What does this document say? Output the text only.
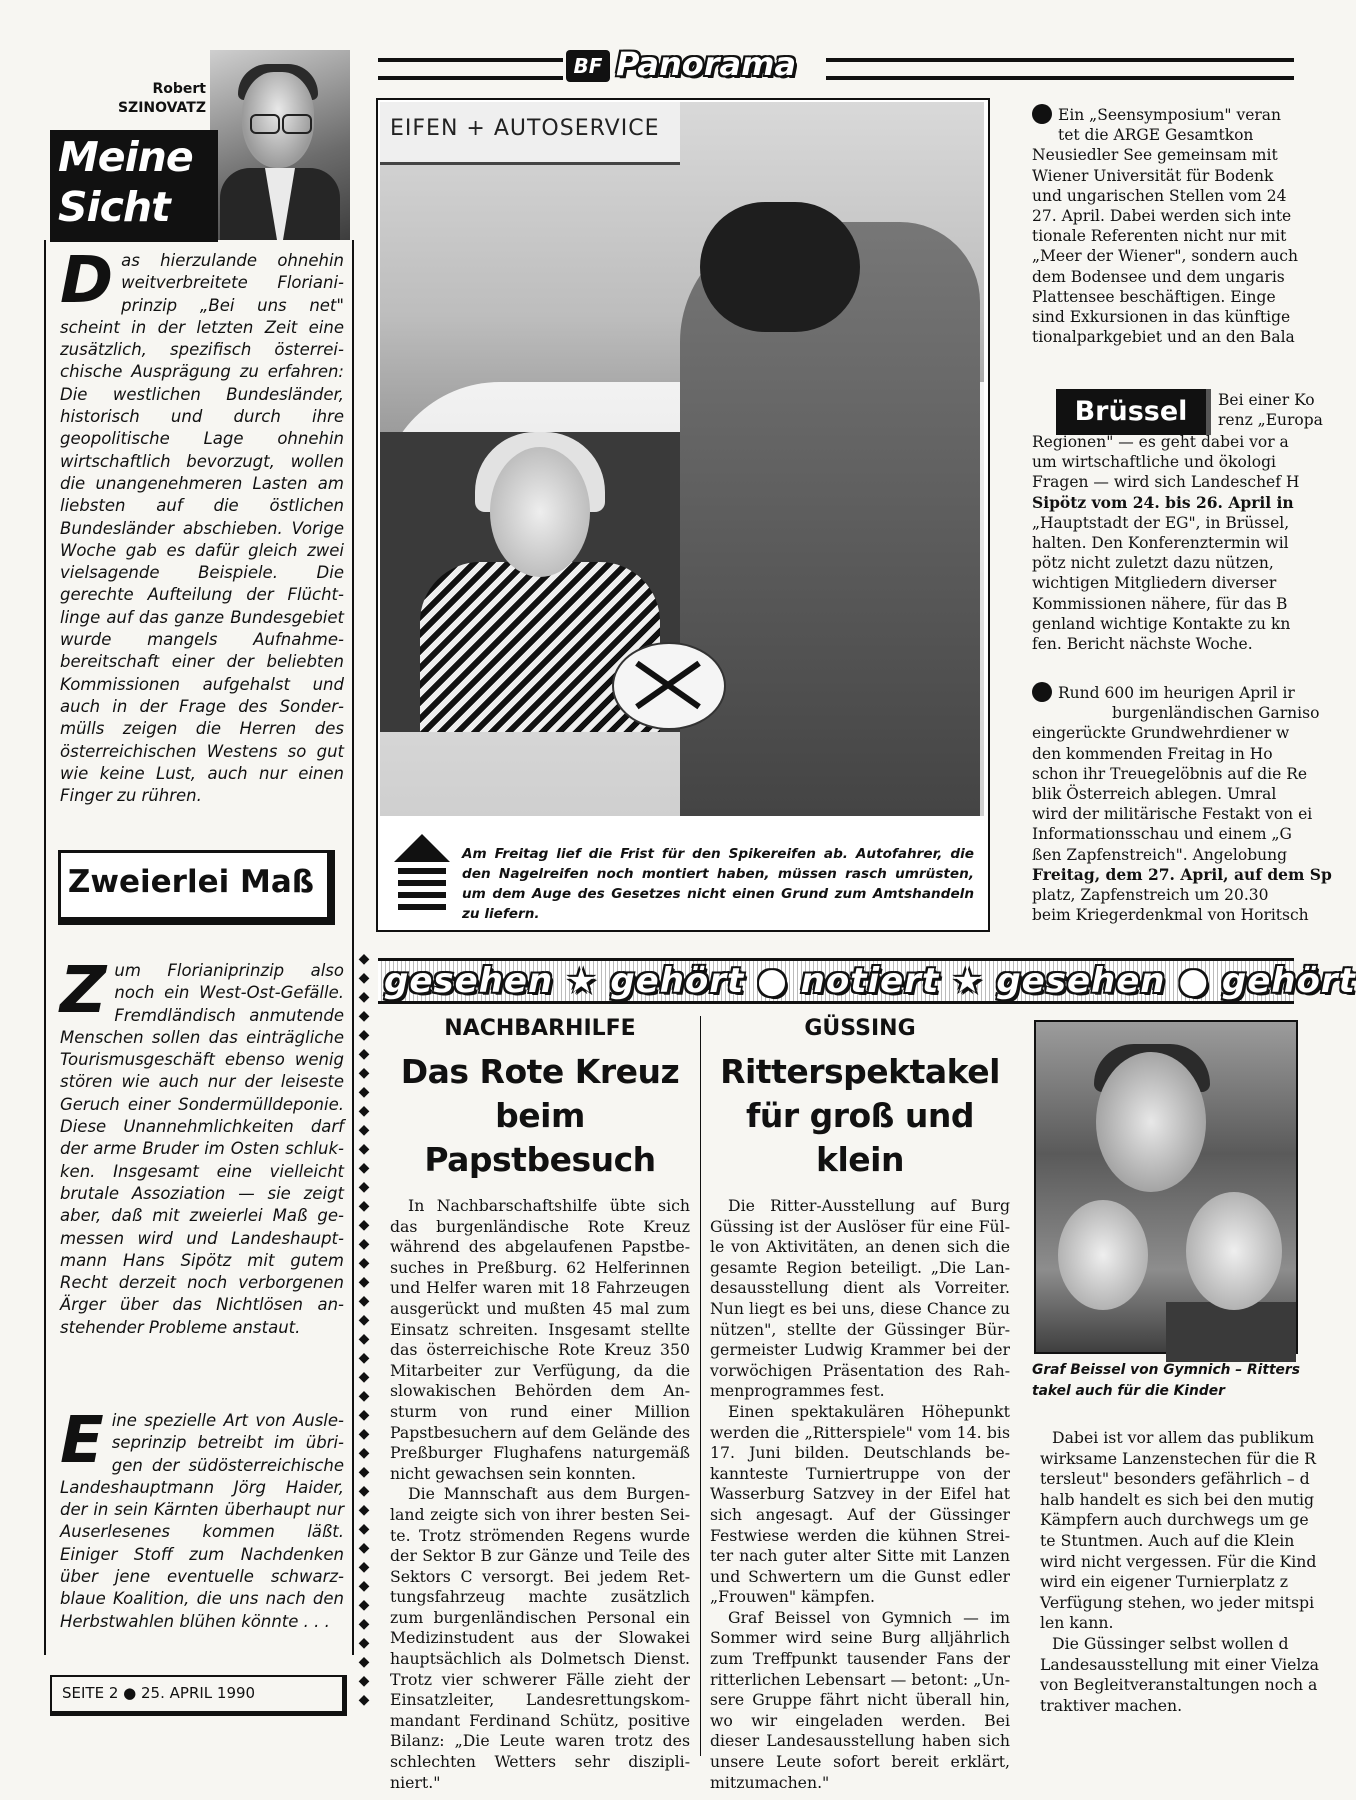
Robert
SZINOVATZ
Meine
Sicht
Das hierzulande ohnehin weitverbreitete Florianiprinzip „Bei uns net" scheint in der letzten Zeit eine zusätzlich, spezifisch österreichische Ausprägung zu erfahren: Die westlichen Bundesländer, historisch und durch ihre geopolitische Lage ohnehin wirtschaftlich bevorzugt, wollen die unangenehmeren Lasten am liebsten auf die östlichen Bundesländer abschieben. Vorige Woche gab es dafür gleich zwei vielsagende Beispiele. Die gerechte Aufteilung der Flüchtlinge auf das ganze Bundesgebiet wurde mangels Aufnahmebereitschaft einer der beliebten Kommissionen aufgehalst und auch in der Frage des Sondermülls zeigen die Herren des österreichischen Westens so gut wie keine Lust, auch nur einen Finger zu rühren.
Zweierlei Maß
Zum Florianiprinzip also noch ein West-Ost-Gefälle. Fremdländisch anmutende Menschen sollen das einträgliche Tourismusgeschäft ebenso wenig stören wie auch nur der leiseste Geruch einer Sondermülldeponie. Diese Unannehmlichkeiten darf der arme Bruder im Osten schlukken. Insgesamt eine vielleicht brutale Assoziation — sie zeigt aber, daß mit zweierlei Maß gemessen wird und Landeshauptmann Hans Sipötz mit gutem Recht derzeit noch verborgenen Ärger über das Nichtlösen anstehender Probleme anstaut.
Eine spezielle Art von Ausleseprinzip betreibt im übrigen der südösterreichische Landeshauptmann Jörg Haider, der in sein Kärnten überhaupt nur Auserlesenes kommen läßt. Einiger Stoff zum Nachdenken über jene eventuelle schwarzblaue Koalition, die uns nach den Herbstwahlen blühen könnte . . .
SEITE 2 ● 25. APRIL 1990
BF Panorama
EIFEN + AUTOSERVICE
Am Freitag lief die Frist für den Spikereifen ab. Autofahrer, die den Nagelreifen noch montiert haben, müssen rasch umrüsten, um dem Auge des Gesetzes nicht einen Grund zum Amtshandeln zu liefern.
Ein „Seensymposium" veran
tet die ARGE Gesamtkon
Neusiedler See gemeinsam mit
Wiener Universität für Bodenk
und ungarischen Stellen vom 24
27. April. Dabei werden sich inte
tionale Referenten nicht nur mit
„Meer der Wiener", sondern auch
dem Bodensee und dem ungaris
Plattensee beschäftigen. Einge
sind Exkursionen in das künftige
tionalparkgebiet und an den Bala
Brüssel	Bei einer Ko
renz „Europa
Regionen" — es geht dabei vor a
um wirtschaftliche und ökologi
Fragen — wird sich Landeschef H
Sipötz vom 24. bis 26. April in
„Hauptstadt der EG", in Brüssel,
halten. Den Konferenztermin wil
pötz nicht zuletzt dazu nützen,
wichtigen Mitgliedern diverser
Kommissionen nähere, für das B
genland wichtige Kontakte zu kn
fen. Bericht nächste Woche.
Rund 600 im heurigen April ir
burgenländischen Garniso
eingerückte Grundwehrdiener w
den kommenden Freitag in Ho
schon ihr Treuegelöbnis auf die Re
blik Österreich ablegen. Umral
wird der militärische Festakt von ei
Informationsschau und einem „G
ßen Zapfenstreich". Angelobung
Freitag, dem 27. April, auf dem Sp
platz, Zapfenstreich um 20.30
beim Kriegerdenkmal von Horitsch
gesehen ★ gehört ● notiert ★ gesehen ● gehört
◆
◆
◆
◆
◆
◆
◆
◆
◆
◆
◆
◆
◆
◆
◆
◆
◆
◆
◆
◆
◆
◆
◆
◆
◆
◆
◆
◆
◆
◆
◆
◆
◆
◆
◆
◆
◆
◆
◆
◆
NACHBARHILFE
Das Rote Kreuz beim Papstbesuch

In Nachbarschaftshilfe übte sich das burgenländische Rote Kreuz während des abgelaufenen Papstbesuches in Preßburg. 62 Helferinnen und Helfer waren mit 18 Fahrzeugen ausgerückt und mußten 45 mal zum Einsatz schreiten. Insgesamt stellte das österreichische Rote Kreuz 350 Mitarbeiter zur Verfügung, da die slowakischen Behörden dem Ansturm von rund einer Million Papstbesuchern auf dem Gelände des Preßburger Flughafens naturgemäß nicht gewachsen sein konnten.

Die Mannschaft aus dem Burgenland zeigte sich von ihrer besten Seite. Trotz strömenden Regens wurde der Sektor B zur Gänze und Teile des Sektors C versorgt. Bei jedem Rettungsfahrzeug machte zusätzlich zum burgenländischen Personal ein Medizinstudent aus der Slowakei hauptsächlich als Dolmetsch Dienst. Trotz vier schwerer Fälle zieht der Einsatzleiter, Landesrettungskommandant Ferdinand Schütz, positive Bilanz: „Die Leute waren trotz des schlechten Wetters sehr diszipliniert."

GÜSSING
Ritterspektakel für groß und klein

Die Ritter-Ausstellung auf Burg Güssing ist der Auslöser für eine Fülle von Aktivitäten, an denen sich die gesamte Region beteiligt. „Die Landesausstellung dient als Vorreiter. Nun liegt es bei uns, diese Chance zu nützen", stellte der Güssinger Bürgermeister Ludwig Krammer bei der vorwöchigen Präsentation des Rahmenprogrammes fest.

Einen spektakulären Höhepunkt werden die „Ritterspiele" vom 14. bis 17. Juni bilden. Deutschlands bekannteste Turniertruppe von der Wasserburg Satzvey in der Eifel hat sich angesagt. Auf der Güssinger Festwiese werden die kühnen Streiter nach guter alter Sitte mit Lanzen und Schwertern um die Gunst edler „Frouwen" kämpfen.

Graf Beissel von Gymnich — im Sommer wird seine Burg alljährlich zum Treffpunkt tausender Fans der ritterlichen Lebensart — betont: „Unsere Gruppe fährt nicht überall hin, wo wir eingeladen werden. Bei dieser Landesausstellung haben sich unsere Leute sofort bereit erklärt, mitzumachen."

Graf Beissel von Gymnich – Ritters
takel auch für die Kinder
Dabei ist vor allem das publikum
wirksame Lanzenstechen für die R
tersleut" besonders gefährlich – d
halb handelt es sich bei den mutig
Kämpfern auch durchwegs um ge
te Stuntmen. Auch auf die Klein
wird nicht vergessen. Für die Kind
wird ein eigener Turnierplatz z
Verfügung stehen, wo jeder mitspi
len kann.
Die Güssinger selbst wollen d
Landesausstellung mit einer Vielza
von Begleitveranstaltungen noch a
traktiver machen.
